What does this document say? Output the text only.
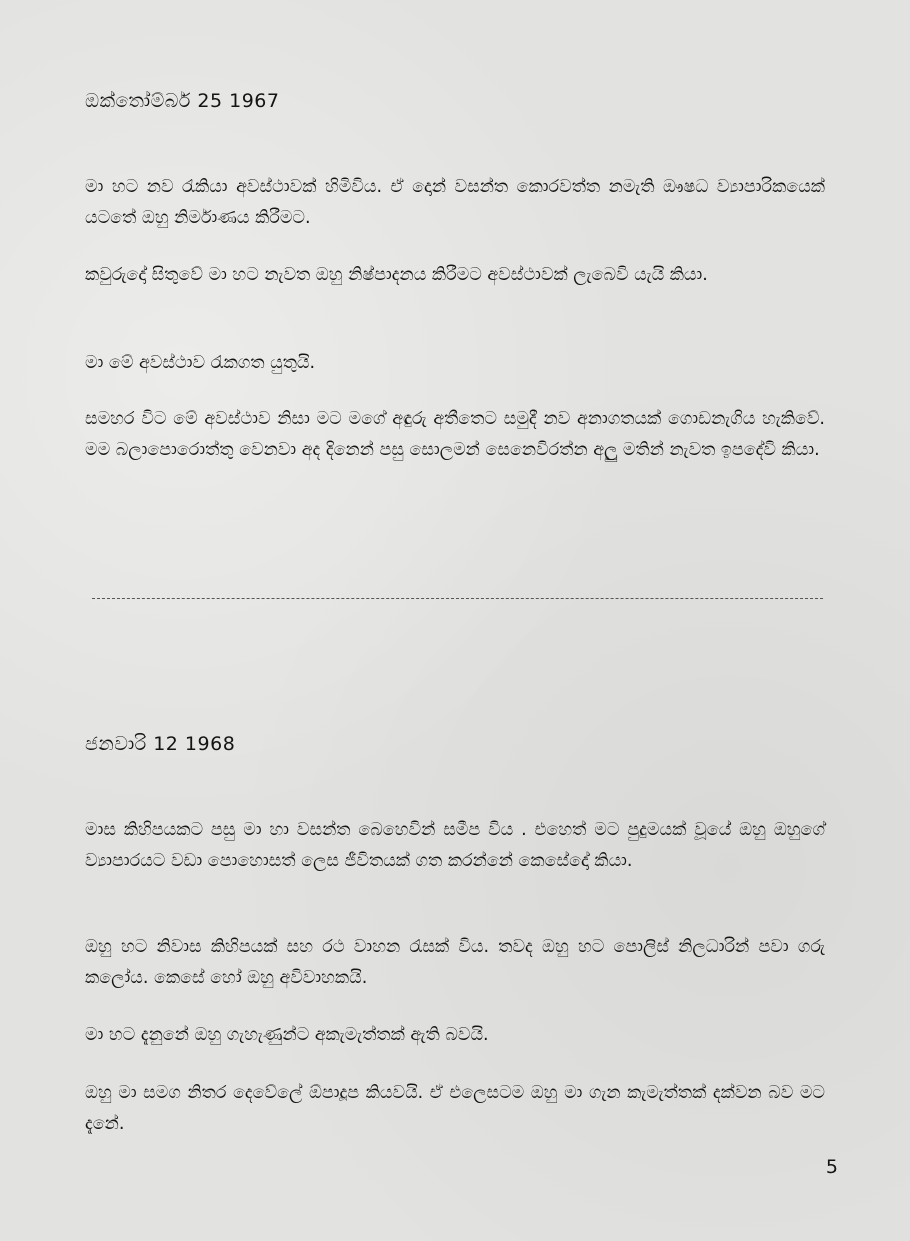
ඔක්තෝම්බර් 25 1967

මා හට නව රැකියා අවස්ථාවක් හිමිවිය. ඒ දොන් වසන්ත කොරවත්ත නමැති ඖෂධ ව්‍යාපාරිකයෙක් යටතේ ඔහු නිර්මාණය කිරීමට.

කවුරුදෝ සිතුවේ මා හට නැවත ඔහු නිෂ්පාදනය කිරීමට අවස්ථාවක් ලැබෙවි යැයි කියා.

මා මේ අවස්ථාව රැකගත යුතුයි.

සමහර විට මේ අවස්ථාව නිසා මට මගේ අඳුරු අතීතෙට සමුදී නව අනාගතයක් ගොඩනැගිය හැකිවේ. මම බලාපොරොත්තු වෙනවා අද දිනෙන් පසු සොලමන් සෙනෙවිරත්න අලුු මතින් නැවත ඉපදේවි කියා.

ජනවාරි 12 1968

මාස කිහිපයකට පසු මා හා වසන්ත බෙහෙවින් සමීප විය . එහෙත් මට පුදුමයක් වූයේ ඔහු ඔහුගේ ව්‍යාපාරයට වඩා පොහොසත් ලෙස ජීවිතයක් ගත කරන්නේ කෙසේදෝ කියා.

ඔහු හට නිවාස කිහිපයක් සහ රථ වාහන රැසක් විය. තවද ඔහු හට පොලිස් නිලධාරින් පවා ගරු කලෝය. කෙසේ හෝ ඔහු අවිවාහකයි.

මා හට දැනුනේ ඔහු ගැහැණුන්ට අකැමැත්තක් ඇති බවයි.

ඔහු මා සමග නිතර දෙවේලේ ඕපාදූප කියවයි. ඒ එලෙසටම ඔහු මා ගැන කැමැත්තක් දක්වන බව මට දැනේ.

5
